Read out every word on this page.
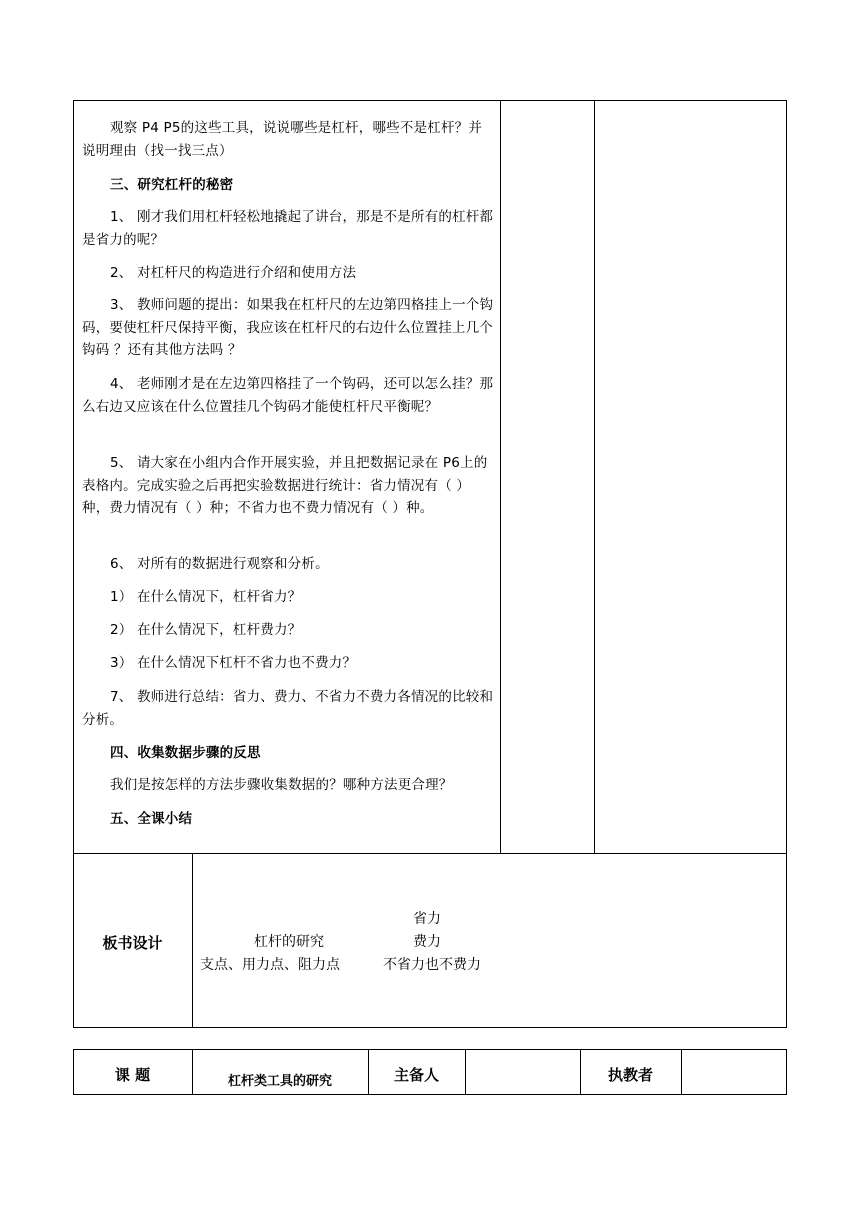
观察 P4 P5的这些工具，说说哪些是杠杆，哪些不是杠杆？并说明理由（找一找三点）
三、研究杠杆的秘密
1、 刚才我们用杠杆轻松地撬起了讲台，那是不是所有的杠杆都是省力的呢？
2、 对杠杆尺的构造进行介绍和使用方法
3、 教师问题的提出：如果我在杠杆尺的左边第四格挂上一个钩码，要使杠杆尺保持平衡，我应该在杠杆尺的右边什么位置挂上几个钩码 ？还有其他方法吗 ？
4、 老师刚才是在左边第四格挂了一个钩码，还可以怎么挂？那么右边又应该在什么位置挂几个钩码才能使杠杆尺平衡呢？
5、 请大家在小组内合作开展实验，并且把数据记录在 P6上的表格内。完成实验之后再把实验数据进行统计：省力情况有（ ）种，费力情况有（ ）种；不省力也不费力情况有（ ）种。
6、 对所有的数据进行观察和分析。
1） 在什么情况下，杠杆省力？
2） 在什么情况下，杠杆费力？
3） 在什么情况下杠杆不省力也不费力？
7、 教师进行总结：省力、费力、不省力不费力各情况的比较和分析。
四、收集数据步骤的反思
我们是按怎样的方法步骤收集数据的？哪种方法更合理？
五、全课小结
板书设计
省力
杠杆的研究	费力
支点、用力点、阻力点	不省力也不费力
课 题	杠杆类工具的研究	主备人	执教者
